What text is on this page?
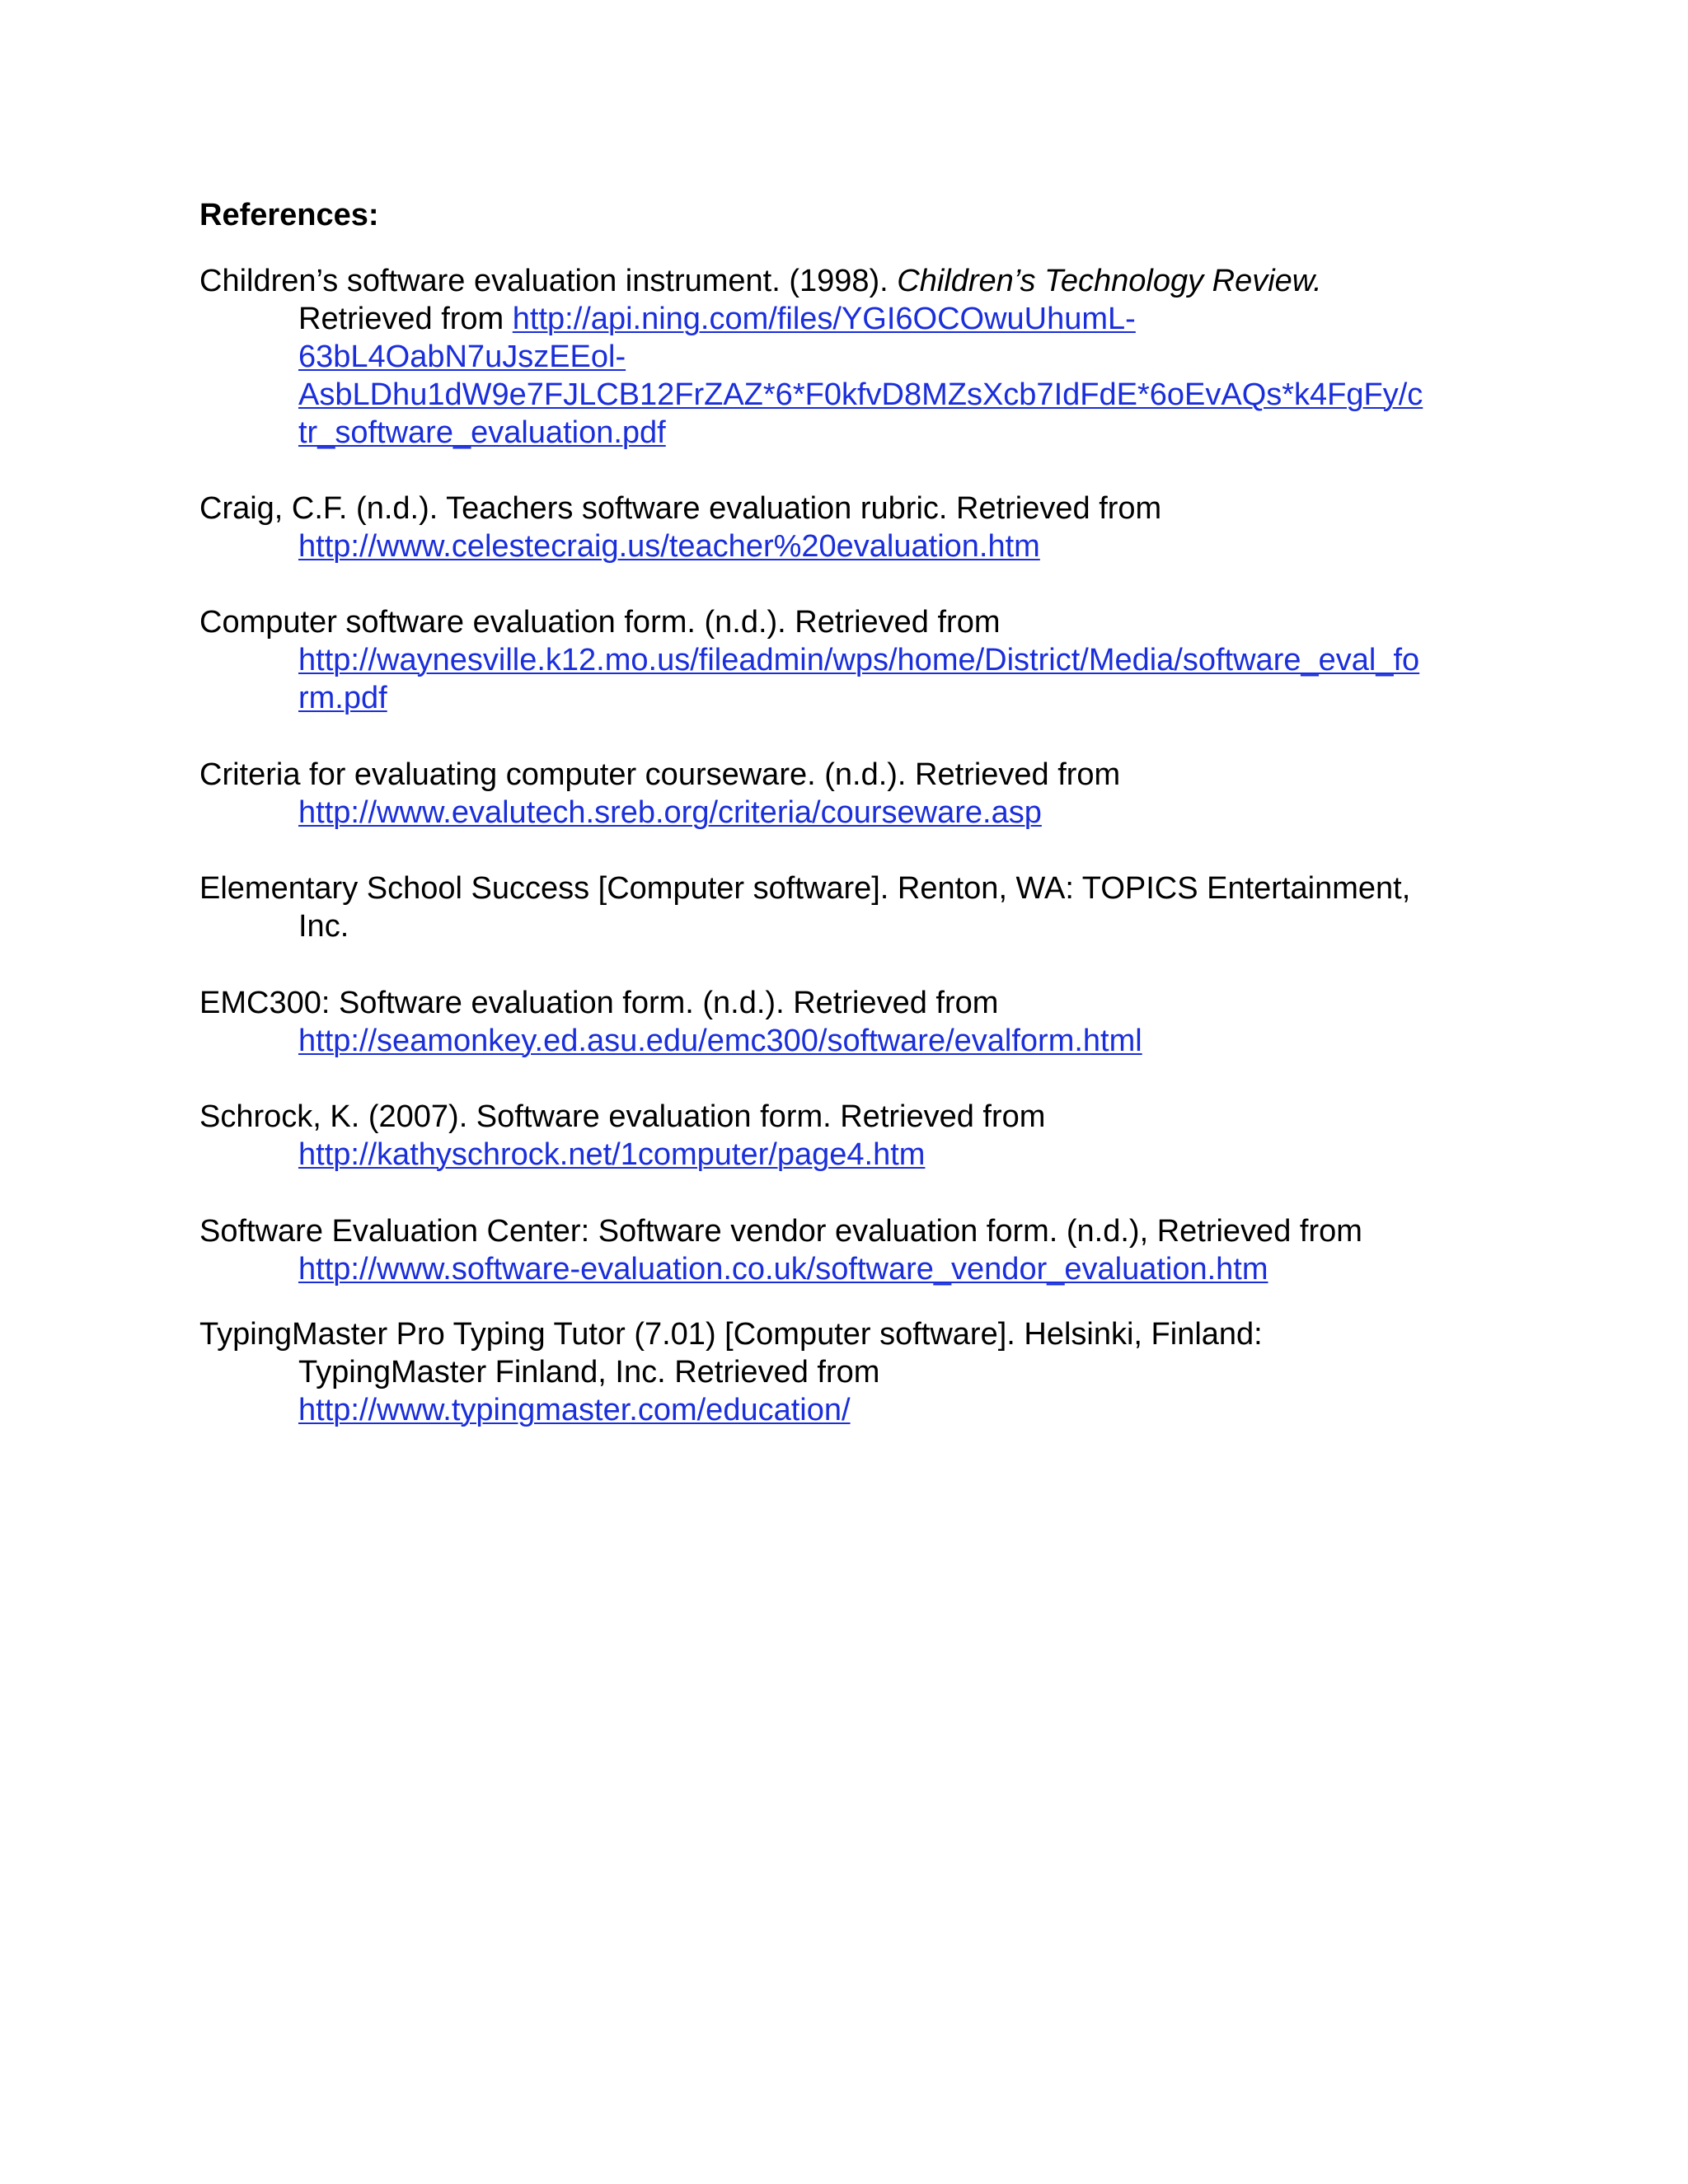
References:
Children’s software evaluation instrument. (1998). Children’s Technology Review.
Retrieved from http://api.ning.com/files/YGI6OCOwuUhumL-
63bL4OabN7uJszEEol-
AsbLDhu1dW9e7FJLCB12FrZAZ*6*F0kfvD8MZsXcb7IdFdE*6oEvAQs*k4FgFy/c
tr_software_evaluation.pdf
Craig, C.F. (n.d.). Teachers software evaluation rubric. Retrieved from
http://www.celestecraig.us/teacher%20evaluation.htm
Computer software evaluation form. (n.d.). Retrieved from
http://waynesville.k12.mo.us/fileadmin/wps/home/District/Media/software_eval_fo
rm.pdf
Criteria for evaluating computer courseware. (n.d.). Retrieved from
http://www.evalutech.sreb.org/criteria/courseware.asp
Elementary School Success [Computer software]. Renton, WA: TOPICS Entertainment,
Inc.
EMC300: Software evaluation form. (n.d.). Retrieved from
http://seamonkey.ed.asu.edu/emc300/software/evalform.html
Schrock, K. (2007). Software evaluation form. Retrieved from
http://kathyschrock.net/1computer/page4.htm
Software Evaluation Center: Software vendor evaluation form. (n.d.), Retrieved from
http://www.software-evaluation.co.uk/software_vendor_evaluation.htm
TypingMaster Pro Typing Tutor (7.01) [Computer software]. Helsinki, Finland:
TypingMaster Finland, Inc. Retrieved from
http://www.typingmaster.com/education/
